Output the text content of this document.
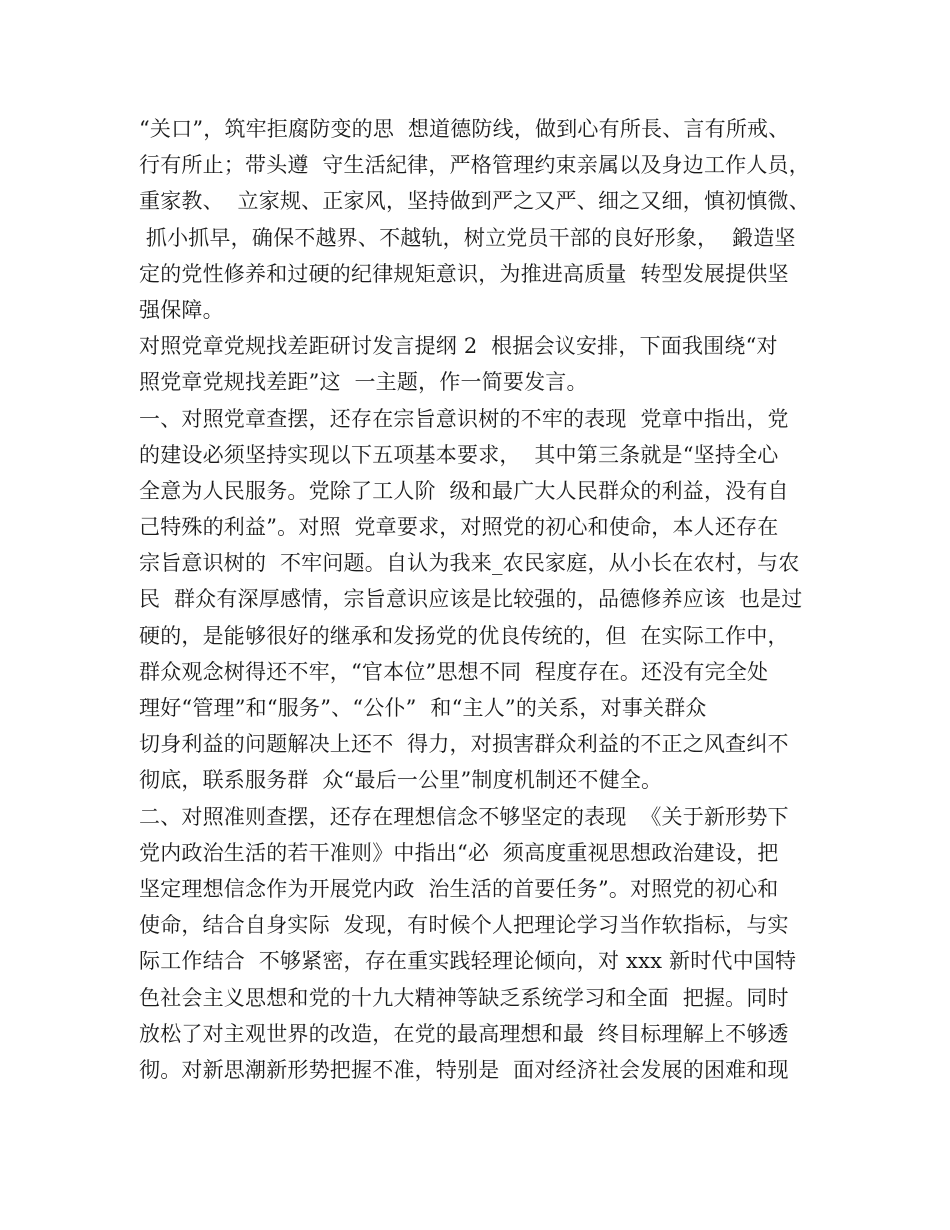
“关口”，筑牢拒腐防变的思  想道德防线，做到心有所長、言有所戒、
行有所止；带头遵  守生活紀律，严格管理约束亲属以及身边工作人员，
重家教、  立家规、正家风，坚持做到严之又严、细之又细，慎初慎微、
抓小抓早，确保不越界、不越轨，树立党员干部的良好形象，  鍛造坚
定的党性修养和过硬的纪律规矩意识，为推进高质量  转型发展提供坚
强保障。
对照党章党规找差距研讨发言提纲 2  根据会议安排，下面我围绕“对
照党章党规找差距”这  一主题，作一简要发言。
一、对照党章查摆，还存在宗旨意识树的不牢的表现  党章中指出，党
的建设必须坚持实现以下五项基本要求，  其中第三条就是“坚持全心
全意为人民服务。党除了工人阶  级和最广大人民群众的利益，没有自
己特殊的利益”。对照  党章要求，对照党的初心和使命，本人还存在
宗旨意识树的  不牢问题。自认为我来_农民家庭，从小长在农村，与农
民  群众有深厚感情，宗旨意识应该是比较强的，品德修养应该  也是过
硬的，是能够很好的继承和发扬党的优良传统的，但  在实际工作中，
群众观念树得还不牢，“官本位”思想不同  程度存在。还没有完全处
理好“管理”和“服务”、“公仆”  和“主人”的关系，对事关群众
切身利益的问题解决上还不  得力，对损害群众利益的不正之风查纠不
彻底，联系服务群  众“最后一公里”制度机制还不健全。
二、对照准则查摆，还存在理想信念不够坚定的表现  《关于新形势下
党内政治生活的若干准则》中指出“必  须高度重视思想政治建设，把
坚定理想信念作为开展党内政  治生活的首要任务”。对照党的初心和
使命，结合自身实际  发现，有时候个人把理论学习当作软指标，与实
际工作结合  不够紧密，存在重实践轻理论倾向，对 xxx 新时代中国特
色社会主义思想和党的十九大精神等缺乏系统学习和全面  把握。同时
放松了对主观世界的改造，在党的最高理想和最  终目标理解上不够透
彻。对新思潮新形势把握不准，特别是  面对经济社会发展的困难和现
